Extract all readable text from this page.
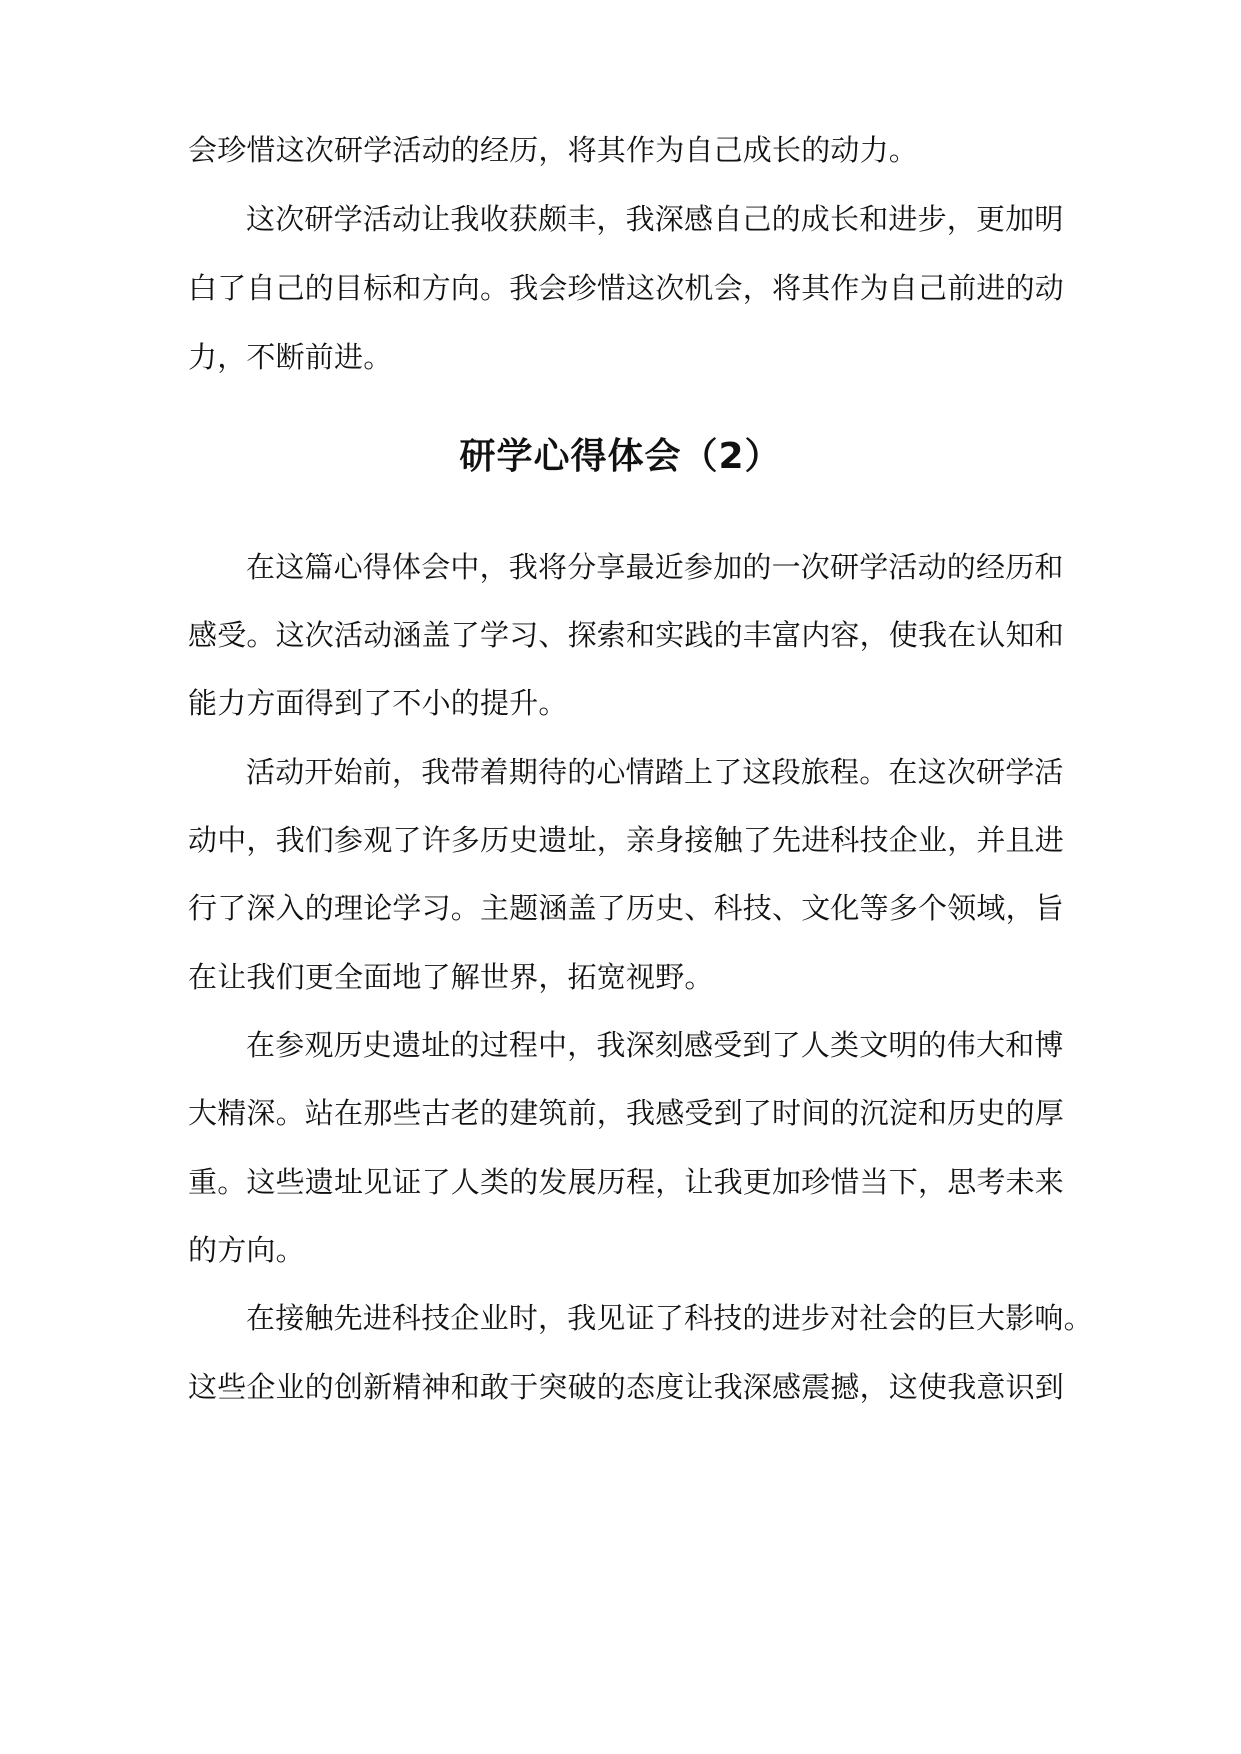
会珍惜这次研学活动的经历，将其作为自己成长的动力。

这次研学活动让我收获颇丰，我深感自己的成长和进步，更加明

白了自己的目标和方向。我会珍惜这次机会，将其作为自己前进的动

力，不断前进。

研学心得体会（2）

在这篇心得体会中，我将分享最近参加的一次研学活动的经历和

感受。这次活动涵盖了学习、探索和实践的丰富内容，使我在认知和

能力方面得到了不小的提升。

活动开始前，我带着期待的心情踏上了这段旅程。在这次研学活

动中，我们参观了许多历史遗址，亲身接触了先进科技企业，并且进

行了深入的理论学习。主题涵盖了历史、科技、文化等多个领域，旨

在让我们更全面地了解世界，拓宽视野。

在参观历史遗址的过程中，我深刻感受到了人类文明的伟大和博

大精深。站在那些古老的建筑前，我感受到了时间的沉淀和历史的厚

重。这些遗址见证了人类的发展历程，让我更加珍惜当下，思考未来

的方向。

在接触先进科技企业时，我见证了科技的进步对社会的巨大影响。

这些企业的创新精神和敢于突破的态度让我深感震撼，这使我意识到
